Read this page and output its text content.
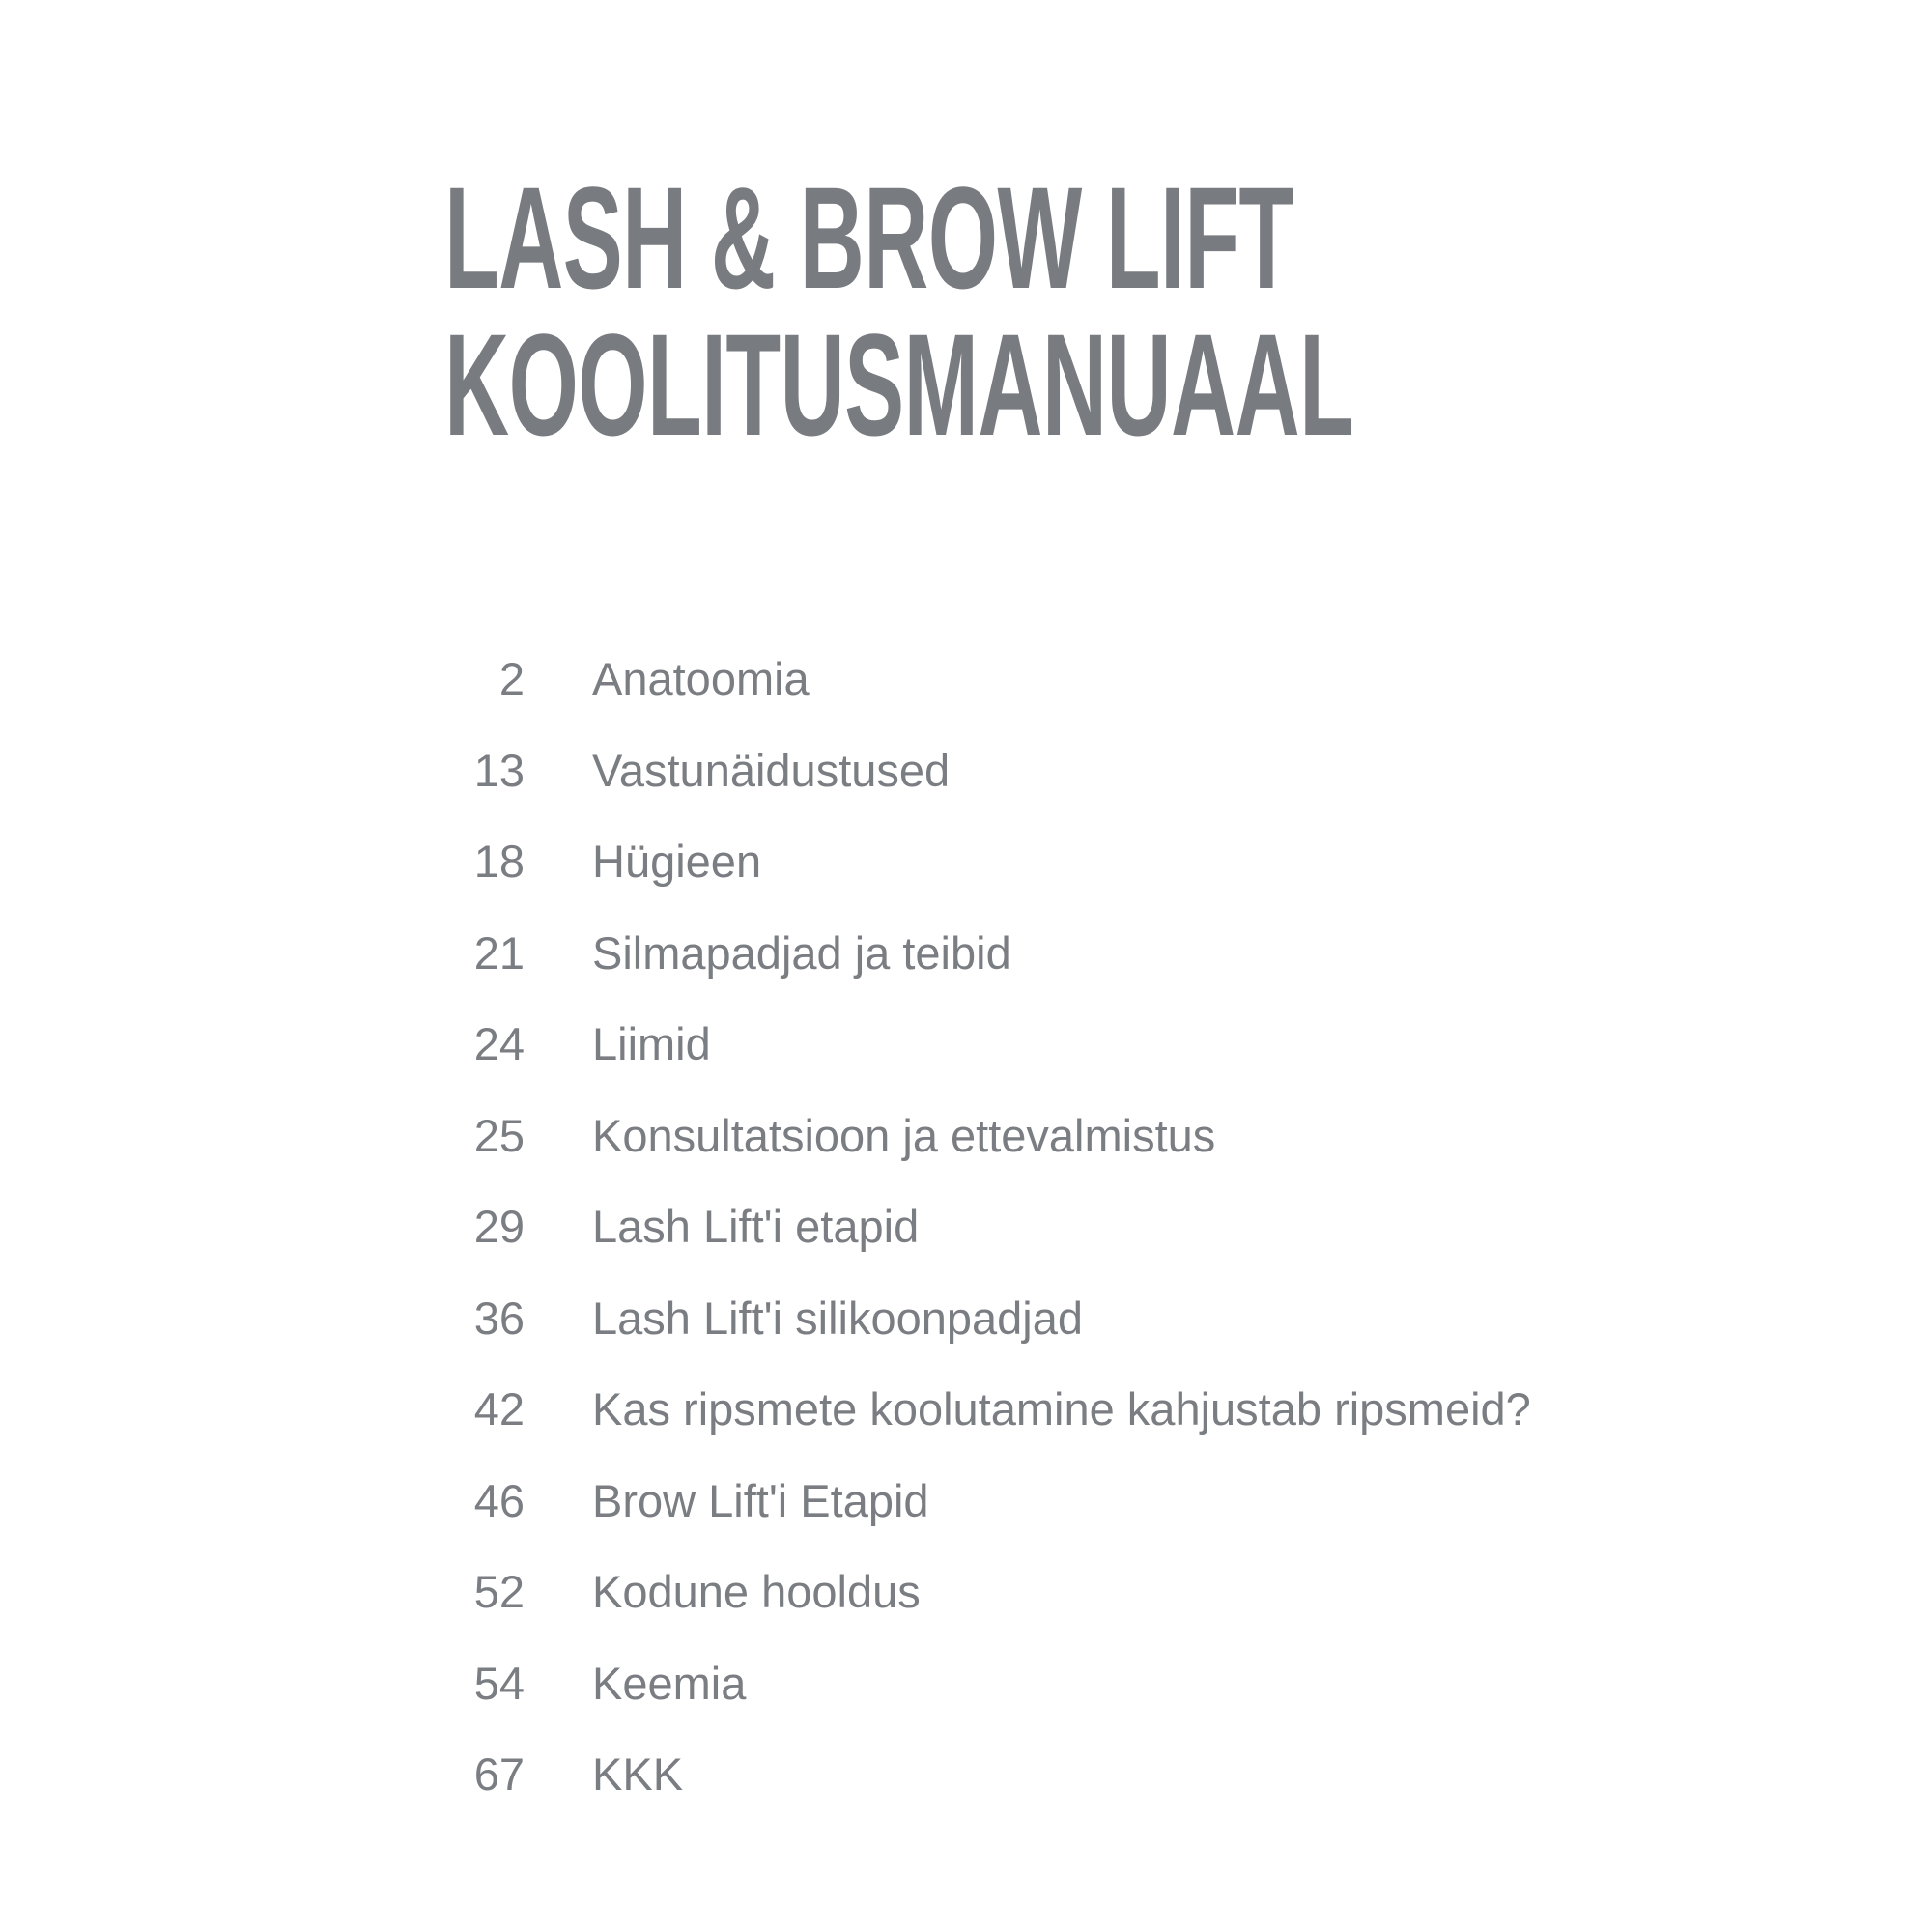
LASH & BROW LIFT
KOOLITUSMANUAAL
2 Anatoomia
13 Vastunäidustused
18 Hügieen
21 Silmapadjad ja teibid
24 Liimid
25 Konsultatsioon ja ettevalmistus
29 Lash Lift'i etapid
36 Lash Lift'i silikoonpadjad
42 Kas ripsmete koolutamine kahjustab ripsmeid?
46 Brow Lift'i Etapid
52 Kodune hooldus
54 Keemia
67 KKK
